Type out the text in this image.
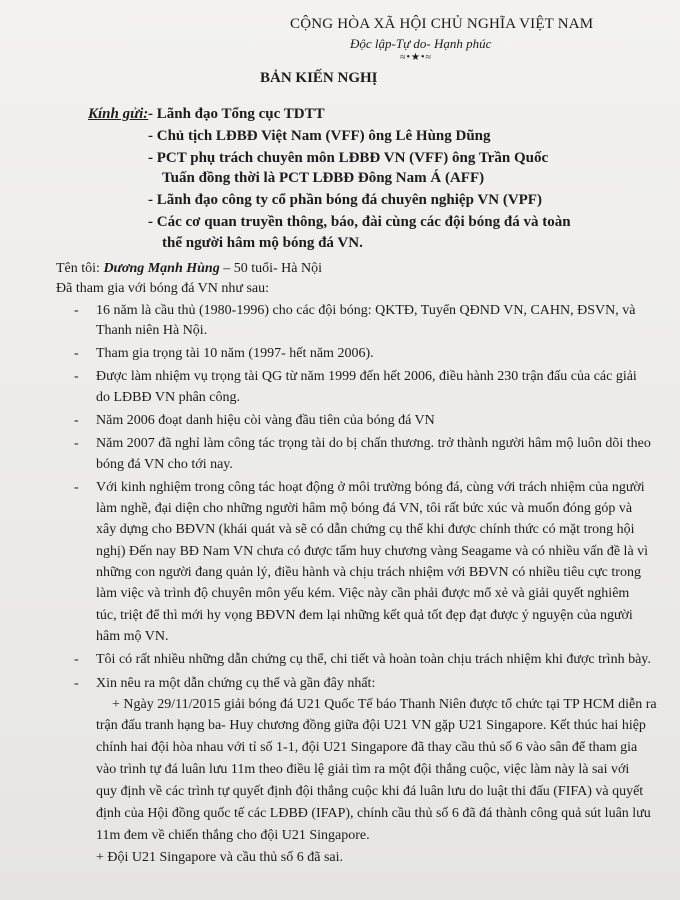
CỘNG HÒA XÃ HỘI CHỦ NGHĨA VIỆT NAM
Độc lập-Tự do- Hạnh phúc
≈•★•≈
BẢN KIẾN NGHỊ
Kính gửi: - Lãnh đạo Tổng cục TDTT
- Chủ tịch LĐBĐ Việt Nam (VFF) ông Lê Hùng Dũng
- PCT phụ trách chuyên môn LĐBĐ VN (VFF) ông Trần Quốc
Tuấn đồng thời là PCT LĐBĐ Đông Nam Á (AFF)
- Lãnh đạo công ty cổ phần bóng đá chuyên nghiệp VN (VPF)
- Các cơ quan truyền thông, báo, đài cùng các đội bóng đá và toàn
thể người hâm mộ bóng đá VN.
Tên tôi: Dương Mạnh Hùng – 50 tuổi- Hà Nội
Đã tham gia với bóng đá VN như sau:
- 16 năm là cầu thủ (1980-1996) cho các đội bóng: QKTĐ, Tuyển QĐND VN, CAHN, ĐSVN, và
Thanh niên Hà Nội.
- Tham gia trọng tài 10 năm (1997- hết năm 2006).
- Được làm nhiệm vụ trọng tài QG từ năm 1999 đến hết 2006, điều hành 230 trận đấu của các giải
do LĐBĐ VN phân công.
- Năm 2006 đoạt danh hiệu còi vàng đầu tiên của bóng đá VN
- Năm 2007 đã nghỉ làm công tác trọng tài do bị chấn thương. trở thành người hâm mộ luôn dõi theo
bóng đá VN cho tới nay.
- Với kinh nghiệm trong công tác hoạt động ở môi trường bóng đá, cùng với trách nhiệm của người
làm nghề, đại diện cho những người hâm mộ bóng đá VN, tôi rất bức xúc và muốn đóng góp và
xây dựng cho BĐVN (khái quát và sẽ có dẫn chứng cụ thể khi được chính thức có mặt trong hội
nghị) Đến nay BĐ Nam VN chưa có được tấm huy chương vàng Seagame và có nhiều vấn đề là vì
những con người đang quản lý, điều hành và chịu trách nhiệm với BĐVN có nhiều tiêu cực trong
làm việc và trình độ chuyên môn yếu kém. Việc này cần phải được mổ xẻ và giải quyết nghiêm
túc, triệt để thì mới hy vọng BĐVN đem lại những kết quả tốt đẹp đạt được ý nguyện của người
hâm mộ VN.
- Tôi có rất nhiều những dẫn chứng cụ thể, chi tiết và hoàn toàn chịu trách nhiệm khi được trình bày.
- Xin nêu ra một dẫn chứng cụ thể và gần đây nhất:
+ Ngày 29/11/2015 giải bóng đá U21 Quốc Tế báo Thanh Niên được tổ chức tại TP HCM diễn ra
trận đấu tranh hạng ba- Huy chương đồng giữa đội U21 VN gặp U21 Singapore. Kết thúc hai hiệp
chính hai đội hòa nhau với tỉ số 1-1, đội U21 Singapore đã thay cầu thủ số 6 vào sân để tham gia
vào trình tự đá luân lưu 11m theo điều lệ giải tìm ra một đội thắng cuộc, việc làm này là sai với
quy định về các trình tự quyết định đội thắng cuộc khi đá luân lưu do luật thi đấu (FIFA) và quyết
định của Hội đồng quốc tế các LĐBĐ (IFAP), chính cầu thủ số 6 đã đá thành công quả sút luân lưu
11m đem về chiến thắng cho đội U21 Singapore.
+ Đội U21 Singapore và cầu thủ số 6 đã sai.
